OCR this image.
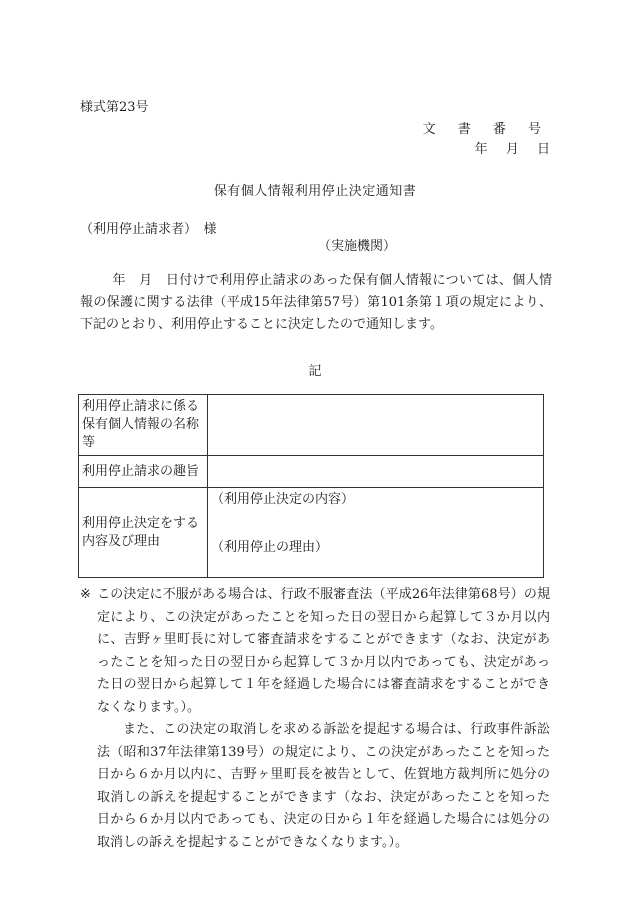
様式第23号
文 書 番 号
年 月 日
保有個人情報利用停止決定通知書
（利用停止請求者）　様
（実施機関）
年　月　日付けで利用停止請求のあった保有個人情報については、個人情報の保護に関する法律（平成15年法律第57号）第101条第１項の規定により、下記のとおり、利用停止することに決定したので通知します。
記
利用停止請求に係る保有個人情報の名称等	
利用停止請求の趣旨	
利用停止決定をする内容及び理由	（利用停止決定の内容）
（利用停止の理由）

※ この決定に不服がある場合は、行政不服審査法（平成26年法律第68号）の規定により、この決定があったことを知った日の翌日から起算して３か月以内に、吉野ヶ里町長に対して審査請求をすることができます（なお、決定があったことを知った日の翌日から起算して３か月以内であっても、決定があった日の翌日から起算して１年を経過した場合には審査請求をすることができなくなります。）。

また、この決定の取消しを求める訴訟を提起する場合は、行政事件訴訟法（昭和37年法律第139号）の規定により、この決定があったことを知った日から６か月以内に、吉野ヶ里町長を被告として、佐賀地方裁判所に処分の取消しの訴えを提起することができます（なお、決定があったことを知った日から６か月以内であっても、決定の日から１年を経過した場合には処分の取消しの訴えを提起することができなくなります。）。
